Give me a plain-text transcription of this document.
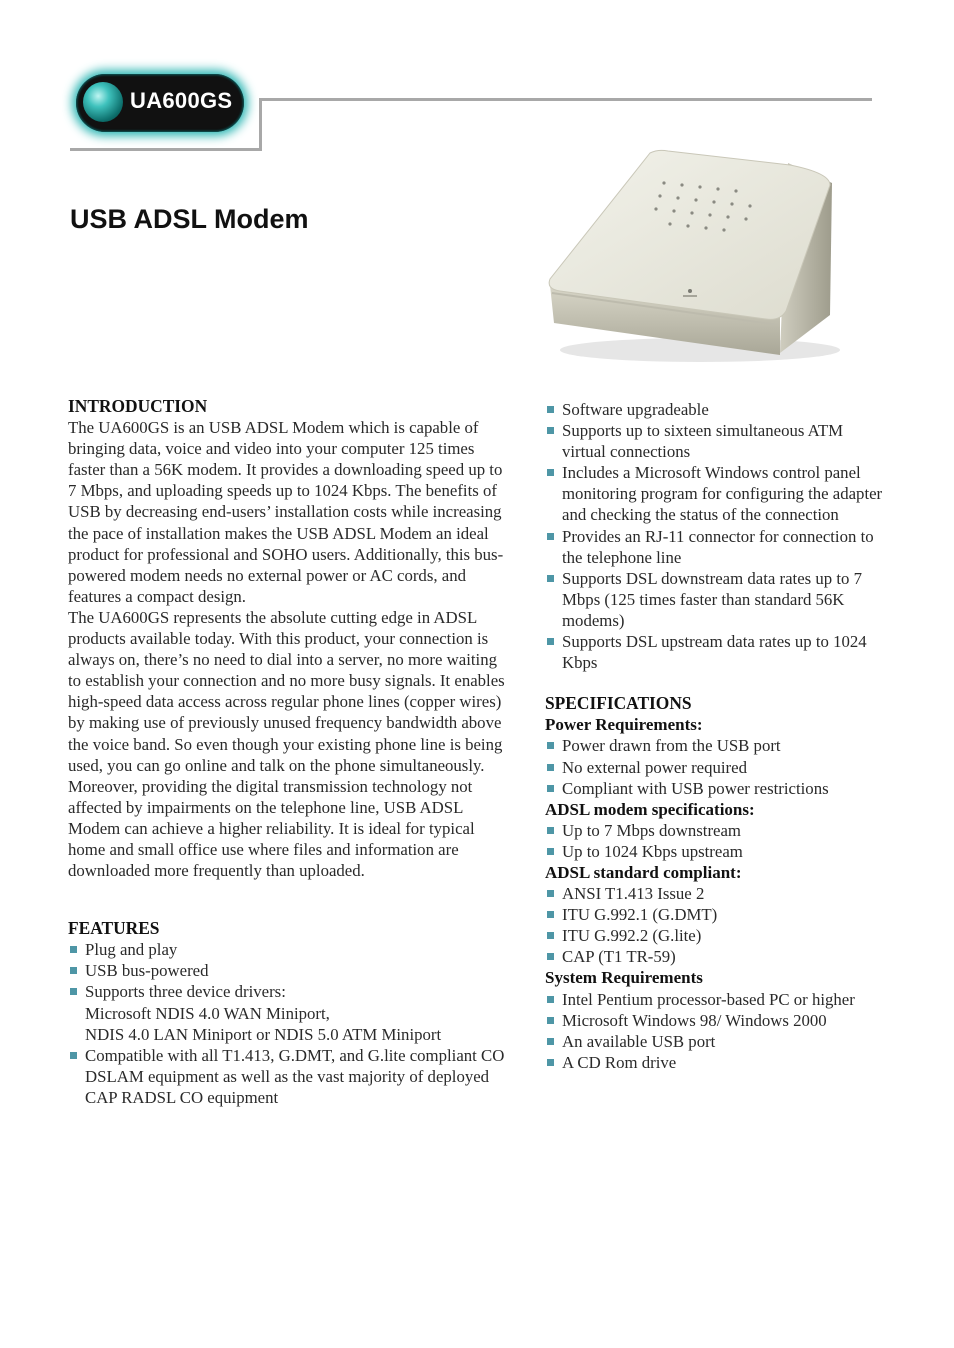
UA600GS
USB ADSL Modem
INTRODUCTION

The UA600GS is an USB ADSL Modem which is capable of bringing data, voice and video into your computer 125 times faster than a 56K modem. It provides a downloading speed up to 7 Mbps, and uploading speeds up to 1024 Kbps. The benefits of USB by decreasing end-users’ installation costs while increasing the pace of installation makes the USB ADSL Modem an ideal product for professional and SOHO users. Additionally, this bus-powered modem needs no external power or AC cords, and features a compact design.

The UA600GS represents the absolute cutting edge in ADSL products available today. With this product, your connection is always on, there’s no need to dial into a server, no more waiting to establish your connection and no more busy signals. It enables high-speed data access across regular phone lines (copper wires) by making use of previously unused frequency bandwidth above the voice band. So even though your existing phone line is being used, you can go online and talk on the phone simultaneously.

Moreover, providing the digital transmission technology not affected by impairments on the telephone line, USB ADSL Modem can achieve a higher reliability. It is ideal for typical home and small office use where files and information are downloaded more frequently than uploaded.

FEATURES
Plug and play
USB bus-powered
Supports three device drivers:
Microsoft NDIS 4.0 WAN Miniport,
NDIS 4.0 LAN Miniport or NDIS 5.0 ATM Miniport
Compatible with all T1.413, G.DMT, and G.lite compliant CO DSLAM equipment as well as the vast majority of deployed CAP RADSL CO equipment
Software upgradeable
Supports up to sixteen simultaneous ATM virtual connections
Includes a Microsoft Windows control panel monitoring program for configuring the adapter and checking the status of the connection
Provides an RJ-11 connector for connection to the telephone line
Supports DSL downstream data rates up to 7 Mbps (125 times faster than standard 56K modems)
Supports DSL upstream data rates up to 1024 Kbps
SPECIFICATIONS
Power Requirements:
Power drawn from the USB port
No external power required
Compliant with USB power restrictions
ADSL modem specifications:
Up to 7 Mbps downstream
Up to 1024 Kbps upstream
ADSL standard compliant:
ANSI T1.413 Issue 2
ITU G.992.1 (G.DMT)
ITU G.992.2 (G.lite)
CAP (T1 TR-59)
System Requirements
Intel Pentium processor-based PC or higher
Microsoft Windows 98/ Windows 2000
An available USB port
A CD Rom drive
